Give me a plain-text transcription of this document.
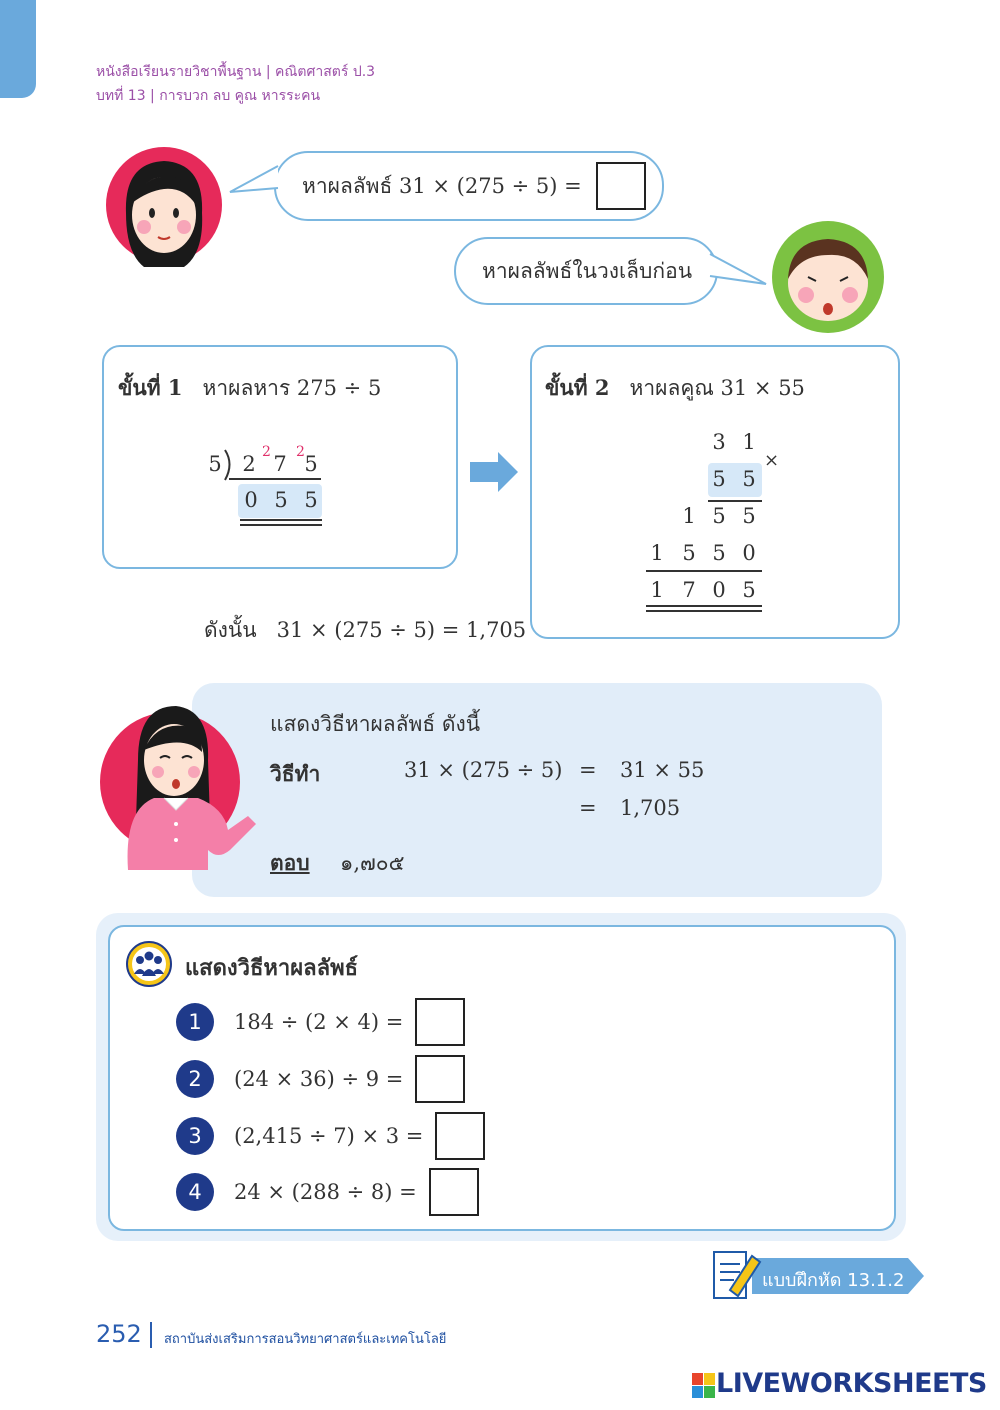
หนังสือเรียนรายวิชาพื้นฐาน | คณิตศาสตร์ ป.3
บทที่ 13 | การบวก ลบ คูณ หารระคน
หาผลลัพธ์ 31 × (275 ÷ 5) =
หาผลลัพธ์ในวงเล็บก่อน
ขั้นที่ 1 หาผลหาร 275 ÷ 5
5 2 7 5
2 2
0 5 5
ขั้นที่ 2 หาผลคูณ 31 × 55
3 1
5 5
×
1 5 5
1 5 5 0
1 7 0 5
ดังนั้น 31 × (275 ÷ 5) = 1,705
แสดงวิธีหาผลลัพธ์ ดังนี้
วิธีทำ	31 × (275 ÷ 5) = 31 × 55
= 1,705
ตอบ ๑,๗๐๕
แสดงวิธีหาผลลัพธ์
1	184 ÷ (2 × 4) =
2	(24 × 36) ÷ 9 =
3	(2,415 ÷ 7) × 3 =
4	24 × (288 ÷ 8) =
แบบฝึกหัด 13.1.2
252 สถาบันส่งเสริมการสอนวิทยาศาสตร์และเทคโนโลยี
LIVEWORKSHEETS
